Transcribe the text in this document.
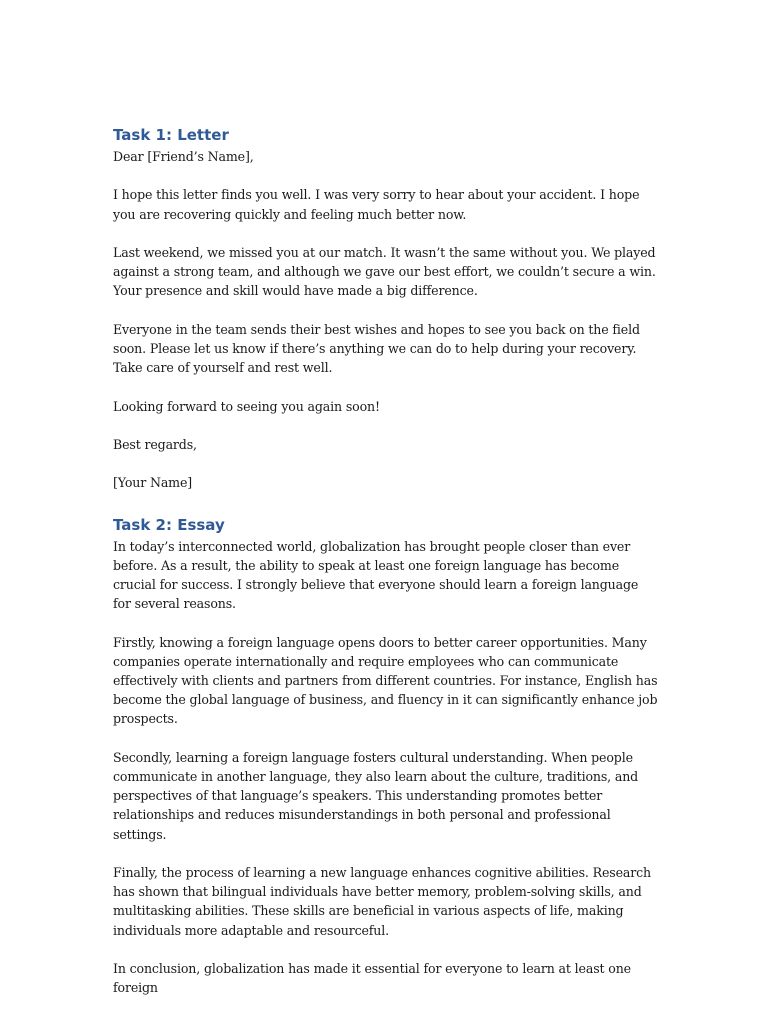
Task 1: Letter

Dear [Friend’s Name],

I hope this letter finds you well. I was very sorry to hear about your accident. I hope you are recovering quickly and feeling much better now.

Last weekend, we missed you at our match. It wasn’t the same without you. We played against a strong team, and although we gave our best effort, we couldn’t secure a win. Your presence and skill would have made a big difference.

Everyone in the team sends their best wishes and hopes to see you back on the field soon. Please let us know if there’s anything we can do to help during your recovery. Take care of yourself and rest well.

Looking forward to seeing you again soon!

Best regards,

[Your Name]

Task 2: Essay

In today’s interconnected world, globalization has brought people closer than ever before. As a result, the ability to speak at least one foreign language has become crucial for success. I strongly believe that everyone should learn a foreign language for several reasons.

Firstly, knowing a foreign language opens doors to better career opportunities. Many companies operate internationally and require employees who can communicate effectively with clients and partners from different countries. For instance, English has become the global language of business, and fluency in it can significantly enhance job prospects.

Secondly, learning a foreign language fosters cultural understanding. When people communicate in another language, they also learn about the culture, traditions, and perspectives of that language’s speakers. This understanding promotes better relationships and reduces misunderstandings in both personal and professional settings.

Finally, the process of learning a new language enhances cognitive abilities. Research has shown that bilingual individuals have better memory, problem-solving skills, and multitasking abilities. These skills are beneficial in various aspects of life, making individuals more adaptable and resourceful.

In conclusion, globalization has made it essential for everyone to learn at least one foreign
